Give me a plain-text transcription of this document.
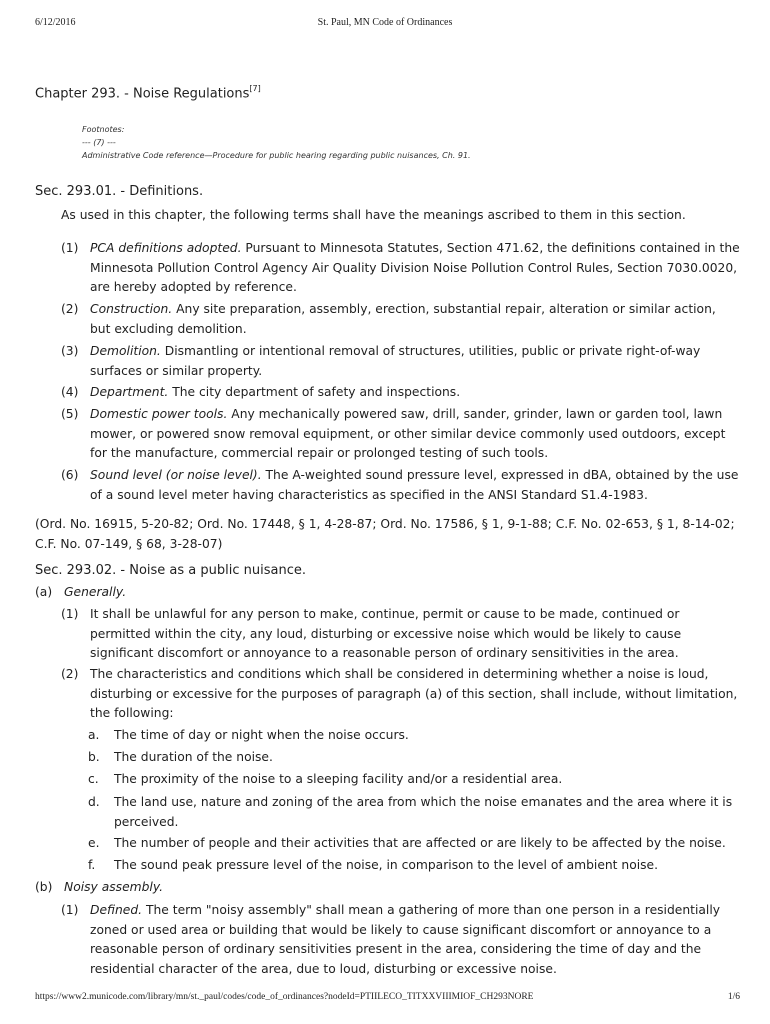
6/12/2016	St. Paul, MN Code of Ordinances
https://www2.municode.com/library/mn/st._paul/codes/code_of_ordinances?nodeId=PTIILECO_TITXXVIIIMIOF_CH293NORE	1/6
Chapter 293. - Noise Regulations[7]
Footnotes:
--- (7) ---
Administrative Code reference—Procedure for public hearing regarding public nuisances, Ch. 91.
Sec. 293.01. - Definitions.
As used in this chapter, the following terms shall have the meanings ascribed to them in this section.
(1) PCA definitions adopted. Pursuant to Minnesota Statutes, Section 471.62, the definitions contained in the Minnesota Pollution Control Agency Air Quality Division Noise Pollution Control Rules, Section 7030.0020, are hereby adopted by reference.
(2) Construction. Any site preparation, assembly, erection, substantial repair, alteration or similar action, but excluding demolition.
(3) Demolition. Dismantling or intentional removal of structures, utilities, public or private right-of-way surfaces or similar property.
(4) Department. The city department of safety and inspections.
(5) Domestic power tools. Any mechanically powered saw, drill, sander, grinder, lawn or garden tool, lawn mower, or powered snow removal equipment, or other similar device commonly used outdoors, except for the manufacture, commercial repair or prolonged testing of such tools.
(6) Sound level (or noise level). The A-weighted sound pressure level, expressed in dBA, obtained by the use of a sound level meter having characteristics as specified in the ANSI Standard S1.4-1983.
(Ord. No. 16915, 5-20-82; Ord. No. 17448, § 1, 4-28-87; Ord. No. 17586, § 1, 9-1-88; C.F. No. 02-653, § 1, 8-14-02; C.F. No. 07-149, § 68, 3-28-07)
Sec. 293.02. - Noise as a public nuisance.
(a) Generally.
(1) It shall be unlawful for any person to make, continue, permit or cause to be made, continued or permitted within the city, any loud, disturbing or excessive noise which would be likely to cause significant discomfort or annoyance to a reasonable person of ordinary sensitivities in the area.
(2) The characteristics and conditions which shall be considered in determining whether a noise is loud, disturbing or excessive for the purposes of paragraph (a) of this section, shall include, without limitation, the following:
a. The time of day or night when the noise occurs.
b. The duration of the noise.
c. The proximity of the noise to a sleeping facility and/or a residential area.
d. The land use, nature and zoning of the area from which the noise emanates and the area where it is perceived.
e. The number of people and their activities that are affected or are likely to be affected by the noise.
f. The sound peak pressure level of the noise, in comparison to the level of ambient noise.
(b) Noisy assembly.
(1) Defined. The term "noisy assembly" shall mean a gathering of more than one person in a residentially zoned or used area or building that would be likely to cause significant discomfort or annoyance to a reasonable person of ordinary sensitivities present in the area, considering the time of day and the residential character of the area, due to loud, disturbing or excessive noise.
